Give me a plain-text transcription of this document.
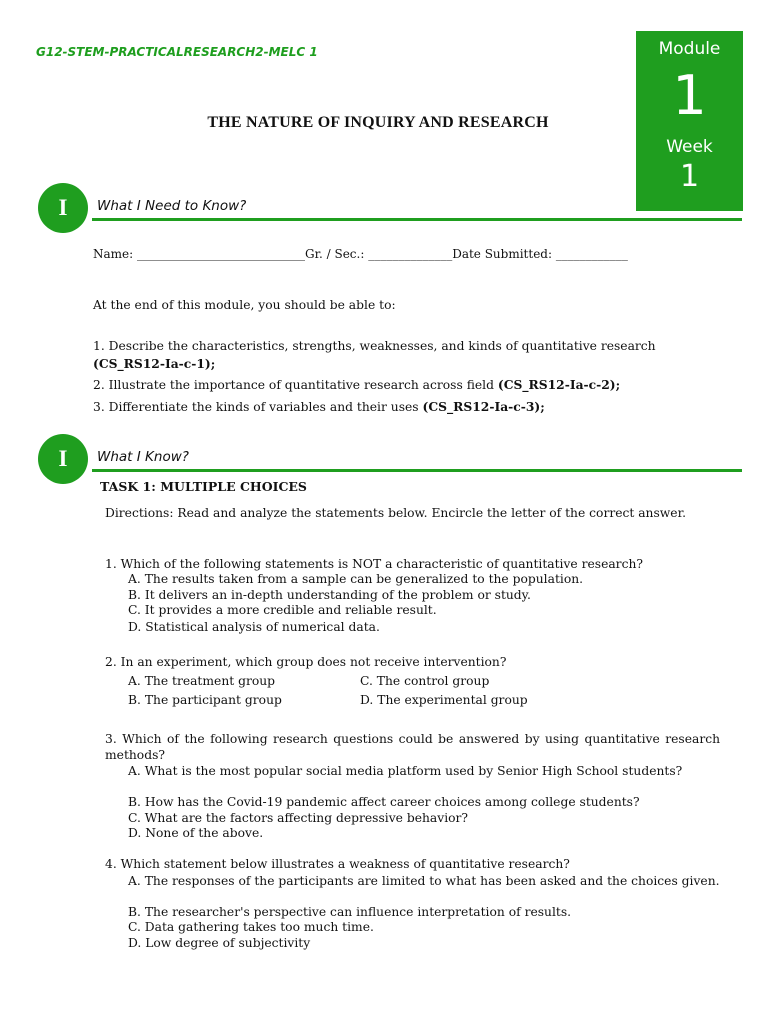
G12-STEM-PRACTICALRESEARCH2-MELC 1	Module
1
Week
1
THE NATURE OF INQUIRY AND RESEARCH
I	What I Need to Know?
Name: ____________________________Gr. / Sec.: ______________Date Submitted: ____________
At the end of this module, you should be able to:
1. Describe the characteristics, strengths, weaknesses, and kinds of quantitative research
(CS_RS12-Ia-c-1);
2. Illustrate the importance of quantitative research across field (CS_RS12-Ia-c-2);
3. Differentiate the kinds of variables and their uses (CS_RS12-Ia-c-3);
I	What I Know?
TASK 1: MULTIPLE CHOICES
Directions: Read and analyze the statements below. Encircle the letter of the correct answer.
1. Which of the following statements is NOT a characteristic of quantitative research?
A. The results taken from a sample can be generalized to the population.
B. It delivers an in-depth understanding of the problem or study.
C. It provides a more credible and reliable result.
D. Statistical analysis of numerical data.
2. In an experiment, which group does not receive intervention?
A. The treatment group	C. The control group
B. The participant group	D. The experimental group
3. Which of the following research questions could be answered by using quantitative research methods?
A. What is the most popular social media platform used by Senior High School students?
B. How has the Covid-19 pandemic affect career choices among college students?
C. What are the factors affecting depressive behavior?
D. None of the above.
4. Which statement below illustrates a weakness of quantitative research?
A. The responses of the participants are limited to what has been asked and the choices given.
B. The researcher's perspective can influence interpretation of results.
C. Data gathering takes too much time.
D. Low degree of subjectivity
